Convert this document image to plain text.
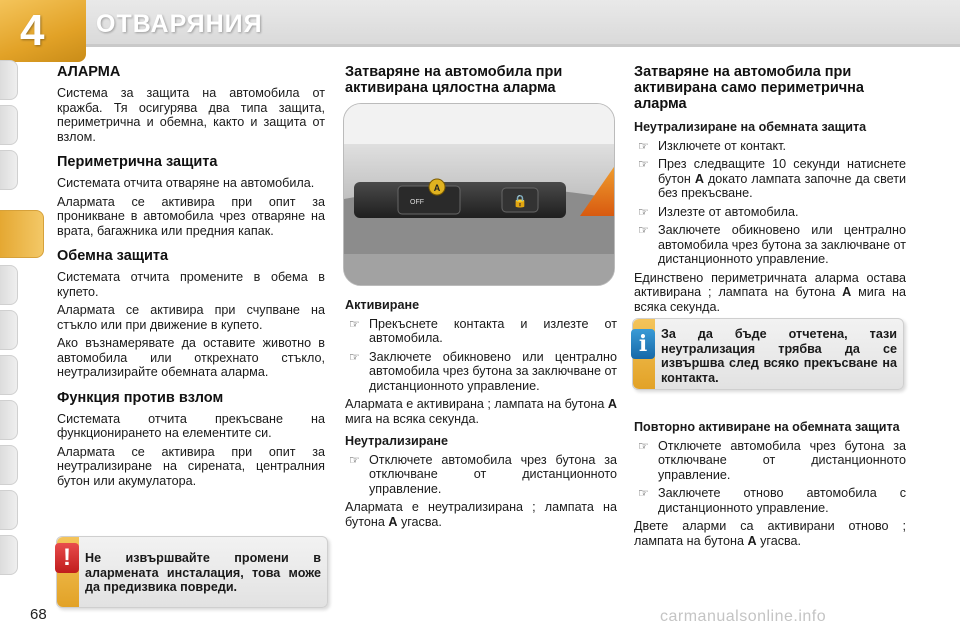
4 ОТВАРЯНИЯ
АЛАРМА

Система за защита на автомобила от кражба. Тя осигурява два типа защита, периметрична и обемна, както и защита от взлом.

Периметрична защита

Системата отчита отваряне на автомобила.

Алармата се активира при опит за проникване в автомобила чрез отваряне на врата, багажника или предния капак.

Обемна защита

Системата отчита промените в обема в купето.

Алармата се активира при счупване на стъкло или при движение в купето.

Ако възнамерявате да оставите животно в автомобила или открехнато стъкло, неутрализирайте обемната аларма.

Функция против взлом

Системата отчита прекъсване на функционирането на елементите си.

Алармата се активира при опит за неутрализиране на сирената, централния бутон или акумулатора.

!	Не извършвайте промени в алармената инсталация, това може да предизвика повреди.
Затваряне на автомобила при активирана цялостна аларма
A
OFF	🔒
Активиране
☞ Прекъснете контакта и излезте от автомобила.
☞ Заключете обикновено или централно автомобила чрез бутона за заключване от дистанционното управление.

Алармата е активирана ; лампата на бутона A мига на всяка секунда.

Неутрализиране
☞ Отключете автомобила чрез бутона за отключване от дистанционното управление.

Алармата е неутрализирана ; лампата на бутона A угасва.

Затваряне на автомобила при активирана само периметрична аларма
Неутрализиране на обемната защита
☞ Изключете от контакт.
☞ През следващите 10 секунди натиснете бутон A докато лампата започне да свети без прекъсване.
☞ Излезте от автомобила.
☞ Заключете обикновено или централно автомобила чрез бутона за заключване от дистанционното управление.

Единствено периметричната аларма остава активирана ; лампата на бутона A мига на всяка секунда.

i	За да бъде отчетена, тази неутрализация трябва да се извършва след всяко прекъсване на контакта.
Повторно активиране на обемната защита
☞ Отключете автомобила чрез бутона за отключване от дистанционното управление.
☞ Заключете отново автомобила с дистанционното управление.

Двете аларми са активирани отново ; лампата на бутона A угасва.

68	carmanualsonline.info
